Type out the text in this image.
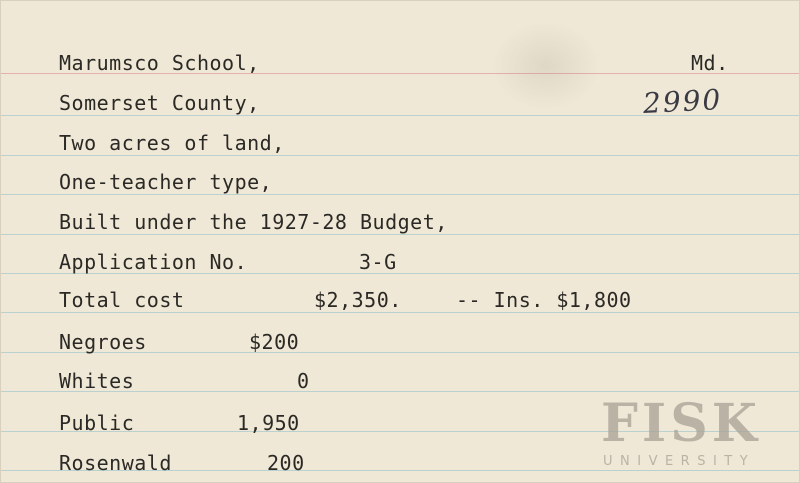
Marumsco School,	Md.
2990
Somerset County,
Two acres of land,
One-teacher type,
Built under the 1927-28 Budget,
Application No.	3-G
Total cost	$2,350.	-- Ins. $1,800
Negroes	$200
Whites	0
Public	1,950
Rosenwald	200
FISK
UNIVERSITY
